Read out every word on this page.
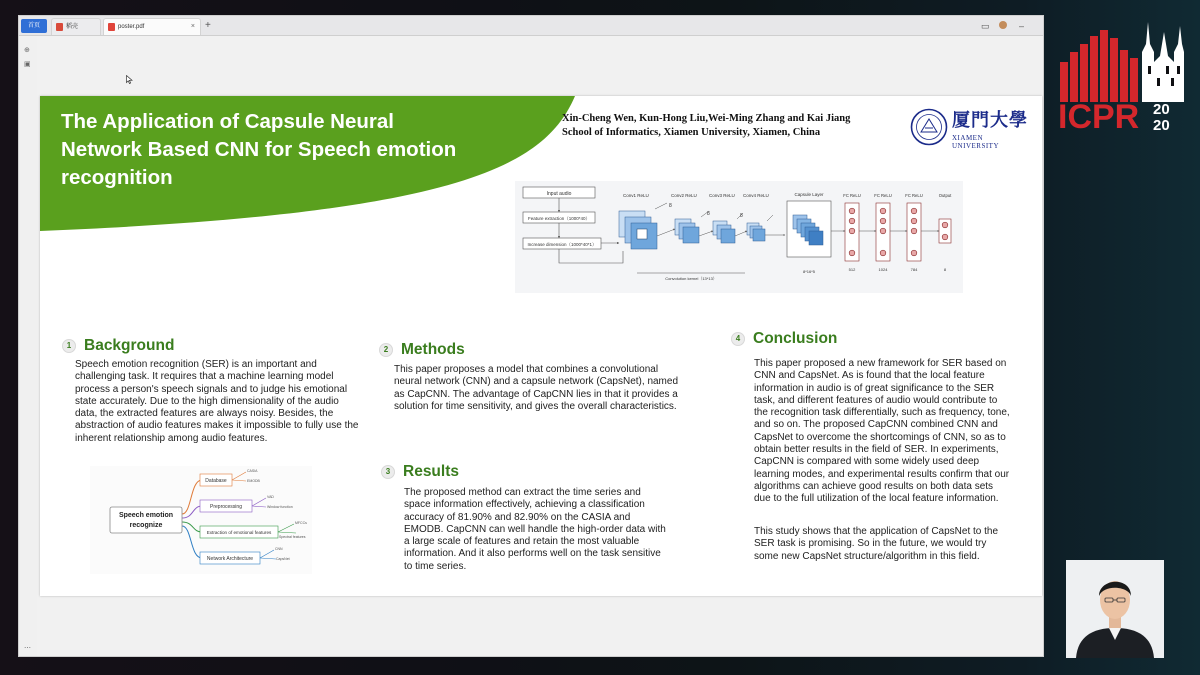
首页	稻壳	poster.pdf	× +	▭	–
⊕
▣
⋯
The Application of Capsule Neural Network Based CNN for Speech emotion recognition
Xin-Cheng Wen, Kun-Hong Liu,Wei-Ming Zhang and Kai Jiang
School of Informatics, Xiamen University, Xiamen, China
厦門大學
XIAMEN UNIVERSITY
Input audio
Feature extraction（1000*40）
Increase dimension（1000*40*1）
Conv1 ReLU	Conv2 ReLU	Conv3 ReLU Conv4 ReLU
8
8	8
Convolution kernel（13*13）
Capsule Layer
8*16*5
FC ReLU	FC ReLU	FC ReLU	Output
512	1024	784	8
1 Background
Speech emotion recognition (SER) is an important and challenging task. It requires that a machine learning model process a person's speech signals and to judge his emotional state accurately. Due to the high dimensionality of the audio data, the extracted features are always noisy. Besides, the abstraction of audio features makes it impossible to fully use the inherent relationship among audio features.
Speech emotion
recognize
Database
Preprocessing
Extraction of emotional features
Network Architecture
CASIA
EMODB
VAD
Window function
MFCCs
Spectral features
CNN
CapsNet
2 Methods
This paper proposes a model that combines a convolutional neural network (CNN) and a capsule network (CapsNet), named as CapCNN. The advantage of CapCNN lies in that it provides a solution for time sensitivity, and gives the overall characteristics.
3 Results
The proposed method can extract the time series and space information effectively, achieving a classification accuracy of 81.90% and 82.90% on the CASIA and EMODB. CapCNN can well handle the high-order data with a large scale of features and retain the most valuable information. And it also performs well on the task sensitive to time series.
4 Conclusion
This paper proposed a new framework for SER based on CNN and CapsNet. As is found that the local feature information in audio is of great significance to the SER task, and different features of audio would contribute to the recognition task differentially, such as frequency, tone, and so on. The proposed CapCNN combined CNN and CapsNet to overcome the shortcomings of CNN, so as to obtain better results in the field of SER. In experiments, CapCNN is compared with some widely used deep learning modes, and experimental results confirm that our algorithms can achieve good results on both data sets due to the full utilization of the local feature information.
This study shows that the application of CapsNet to the SER task is promising. So in the future, we would try some new CapsNet structure/algorithm in this field.
ICPR 20
20
